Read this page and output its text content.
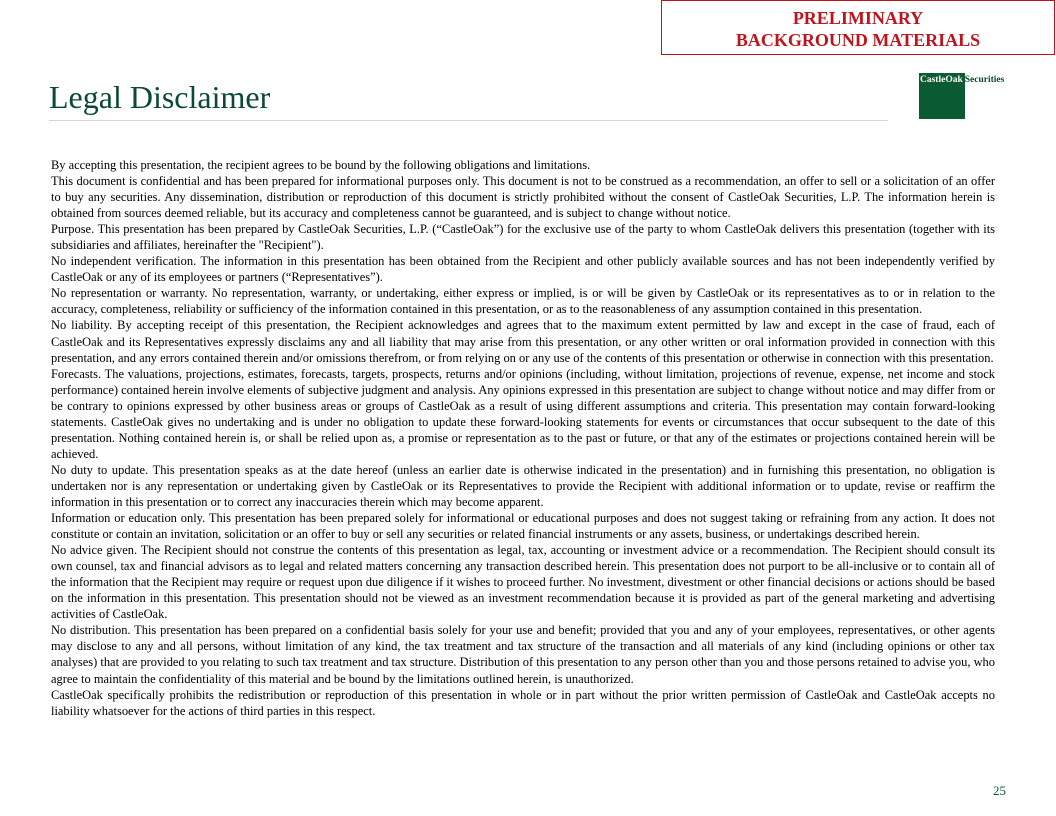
PRELIMINARY
BACKGROUND MATERIALS
Legal Disclaimer	CastleOak Securities

By accepting this presentation, the recipient agrees to be bound by the following obligations and limitations.

This document is confidential and has been prepared for informational purposes only. This document is not to be construed as a recommendation, an offer to sell or a solicitation of an offer to buy any securities. Any dissemination, distribution or reproduction of this document is strictly prohibited without the consent of CastleOak Securities, L.P. The information herein is obtained from sources deemed reliable, but its accuracy and completeness cannot be guaranteed, and is subject to change without notice.

Purpose. This presentation has been prepared by CastleOak Securities, L.P. (“CastleOak”) for the exclusive use of the party to whom CastleOak delivers this presentation (together with its subsidiaries and affiliates, hereinafter the "Recipient").

No independent verification. The information in this presentation has been obtained from the Recipient and other publicly available sources and has not been independently verified by CastleOak or any of its employees or partners (“Representatives”).

No representation or warranty. No representation, warranty, or undertaking, either express or implied, is or will be given by CastleOak or its representatives as to or in relation to the accuracy, completeness, reliability or sufficiency of the information contained in this presentation, or as to the reasonableness of any assumption contained in this presentation.

No liability. By accepting receipt of this presentation, the Recipient acknowledges and agrees that to the maximum extent permitted by law and except in the case of fraud, each of CastleOak and its Representatives expressly disclaims any and all liability that may arise from this presentation, or any other written or oral information provided in connection with this presentation, and any errors contained therein and/or omissions therefrom, or from relying on or any use of the contents of this presentation or otherwise in connection with this presentation.

Forecasts. The valuations, projections, estimates, forecasts, targets, prospects, returns and/or opinions (including, without limitation, projections of revenue, expense, net income and stock performance) contained herein involve elements of subjective judgment and analysis. Any opinions expressed in this presentation are subject to change without notice and may differ from or be contrary to opinions expressed by other business areas or groups of CastleOak as a result of using different assumptions and criteria. This presentation may contain forward-looking statements. CastleOak gives no undertaking and is under no obligation to update these forward-looking statements for events or circumstances that occur subsequent to the date of this presentation. Nothing contained herein is, or shall be relied upon as, a promise or representation as to the past or future, or that any of the estimates or projections contained herein will be achieved.

No duty to update. This presentation speaks as at the date hereof (unless an earlier date is otherwise indicated in the presentation) and in furnishing this presentation, no obligation is undertaken nor is any representation or undertaking given by CastleOak or its Representatives to provide the Recipient with additional information or to update, revise or reaffirm the information in this presentation or to correct any inaccuracies therein which may become apparent.

Information or education only. This presentation has been prepared solely for informational or educational purposes and does not suggest taking or refraining from any action. It does not constitute or contain an invitation, solicitation or an offer to buy or sell any securities or related financial instruments or any assets, business, or undertakings described herein.

No advice given. The Recipient should not construe the contents of this presentation as legal, tax, accounting or investment advice or a recommendation. The Recipient should consult its own counsel, tax and financial advisors as to legal and related matters concerning any transaction described herein. This presentation does not purport to be all-inclusive or to contain all of the information that the Recipient may require or request upon due diligence if it wishes to proceed further. No investment, divestment or other financial decisions or actions should be based on the information in this presentation. This presentation should not be viewed as an investment recommendation because it is provided as part of the general marketing and advertising activities of CastleOak.

No distribution. This presentation has been prepared on a confidential basis solely for your use and benefit; provided that you and any of your employees, representatives, or other agents may disclose to any and all persons, without limitation of any kind, the tax treatment and tax structure of the transaction and all materials of any kind (including opinions or other tax analyses) that are provided to you relating to such tax treatment and tax structure. Distribution of this presentation to any person other than you and those persons retained to advise you, who agree to maintain the confidentiality of this material and be bound by the limitations outlined herein, is unauthorized.

CastleOak specifically prohibits the redistribution or reproduction of this presentation in whole or in part without the prior written permission of CastleOak and CastleOak accepts no liability whatsoever for the actions of third parties in this respect.

25
